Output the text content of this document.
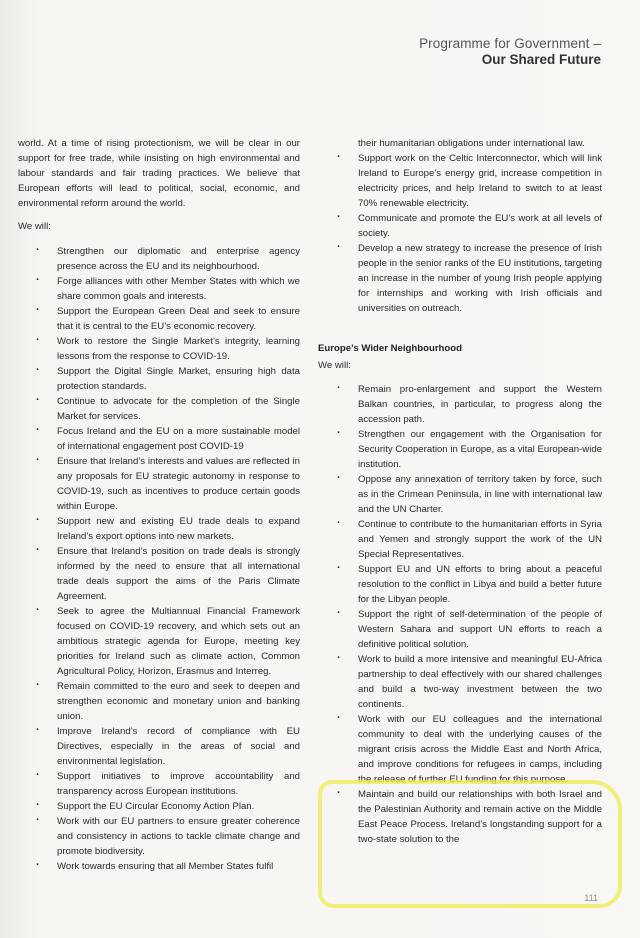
Programme for Government –
Our Shared Future

world. At a time of rising protectionism, we will be clear in our support for free trade, while insisting on high environmental and labour standards and fair trading practices. We believe that European efforts will lead to political, social, economic, and environmental reform around the world.

We will:

· Strengthen our diplomatic and enterprise agency presence across the EU and its neighbourhood.
· Forge alliances with other Member States with which we share common goals and interests.
· Support the European Green Deal and seek to ensure that it is central to the EU’s economic recovery.
· Work to restore the Single Market’s integrity, learning lessons from the response to COVID-19.
· Support the Digital Single Market, ensuring high data protection standards.
· Continue to advocate for the completion of the Single Market for services.
· Focus Ireland and the EU on a more sustainable model of international engagement post COVID-19
· Ensure that Ireland’s interests and values are reflected in any proposals for EU strategic autonomy in response to COVID-19, such as incentives to produce certain goods within Europe.
· Support new and existing EU trade deals to expand Ireland’s export options into new markets.
· Ensure that Ireland’s position on trade deals is strongly informed by the need to ensure that all international trade deals support the aims of the Paris Climate Agreement.
· Seek to agree the Multiannual Financial Framework focused on COVID-19 recovery, and which sets out an ambitious strategic agenda for Europe, meeting key priorities for Ireland such as climate action, Common Agricultural Policy, Horizon, Erasmus and Interreg.
· Remain committed to the euro and seek to deepen and strengthen economic and monetary union and banking union.
· Improve Ireland’s record of compliance with EU Directives, especially in the areas of social and environmental legislation.
· Support initiatives to improve accountability and transparency across European institutions.
· Support the EU Circular Economy Action Plan.
· Work with our EU partners to ensure greater coherence and consistency in actions to tackle climate change and promote biodiversity.
· Work towards ensuring that all Member States fulfil

their humanitarian obligations under international law.

· Support work on the Celtic Interconnector, which will link Ireland to Europe’s energy grid, increase competition in electricity prices, and help Ireland to switch to at least 70% renewable electricity.
· Communicate and promote the EU’s work at all levels of society.
· Develop a new strategy to increase the presence of Irish people in the senior ranks of the EU institutions, targeting an increase in the number of young Irish people applying for internships and working with Irish officials and universities on outreach.

Europe’s Wider Neighbourhood

We will:

· Remain pro-enlargement and support the Western Balkan countries, in particular, to progress along the accession path.
· Strengthen our engagement with the Organisation for Security Cooperation in Europe, as a vital European-wide institution.
· Oppose any annexation of territory taken by force, such as in the Crimean Peninsula, in line with international law and the UN Charter.
· Continue to contribute to the humanitarian efforts in Syria and Yemen and strongly support the work of the UN Special Representatives.
· Support EU and UN efforts to bring about a peaceful resolution to the conflict in Libya and build a better future for the Libyan people.
· Support the right of self-determination of the people of Western Sahara and support UN efforts to reach a definitive political solution.
· Work to build a more intensive and meaningful EU-Africa partnership to deal effectively with our shared challenges and build a two-way investment between the two continents.
· Work with our EU colleagues and the international community to deal with the underlying causes of the migrant crisis across the Middle East and North Africa, and improve conditions for refugees in camps, including the release of further EU funding for this purpose.
· Maintain and build our relationships with both Israel and the Palestinian Authority and remain active on the Middle East Peace Process. Ireland’s longstanding support for a two-state solution to the
111
